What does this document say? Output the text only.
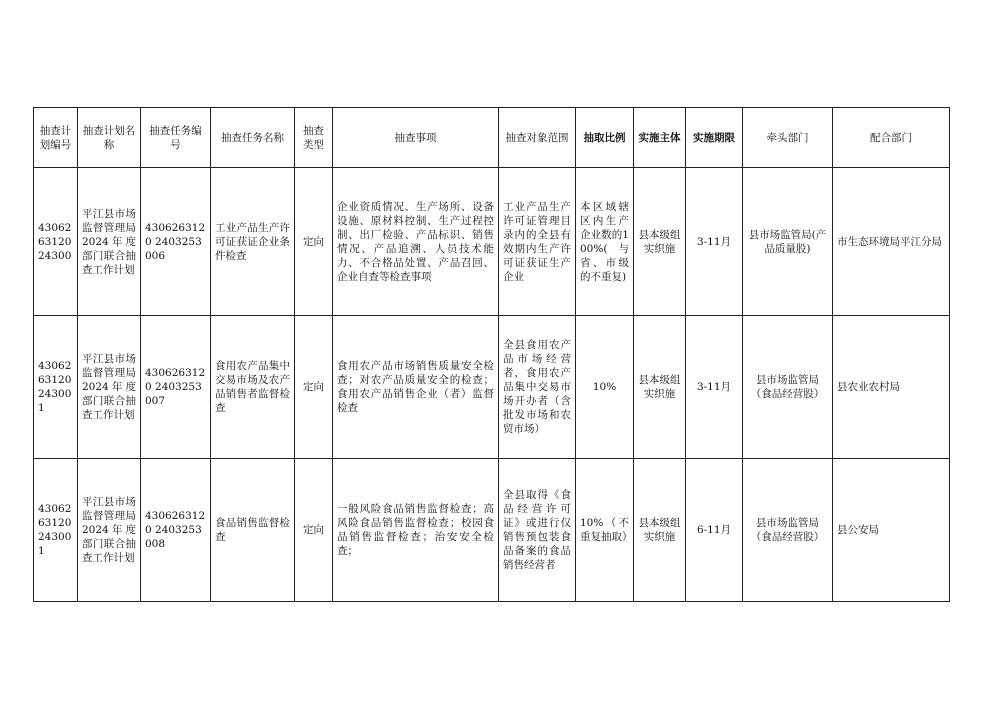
抽查计划编号	抽查计划名称	抽查任务编号	抽查任务名称	抽查类型	抽查事项	抽查对象范围	抽取比例	实施主体	实施期限	牵头部门	配合部门
4306263120 24300	平江县市场监督管理局2024年度部门联合抽查工作计划	4306263120 2403253006	工业产品生产许可证获证企业条件检查	定向	企业资质情况、生产场所、设备设施、原材料控制、生产过程控制、出厂检验、产品标识、销售情况、产品追溯、人员技术能力、不合格品处置、产品召回、企业自查等检查事项	工业产品生产许可证管理目录内的全县有效期内生产许可证获证生产企业	本区域辖区内生产企业数的100%(与省、市级的不重复)	县本级组实织施	3-11月	县市场监管局(产品质量股)	市生态环境局平江分局
4306263120 243001	平江县市场监督管理局2024年度部门联合抽查工作计划	4306263120 2403253007	食用农产品集中交易市场及农产品销售者监督检查	定向	食用农产品市场销售质量安全检查；对农产品质量安全的检查；食用农产品销售企业（者）监督检查	全县食用农产品市场经营者，食用农产品集中交易市场开办者（含批发市场和农贸市场）	10%	县本级组实织施	3-11月	县市场监管局（食品经营股）	县农业农村局
4306263120 243001	平江县市场监督管理局2024年度部门联合抽查工作计划	4306263120 2403253008	食品销售监督检查	定向	一般风险食品销售监督检查；高风险食品销售监督检查；校园食品销售监督检查；治安安全检查；	全县取得《食品经营许可证》或进行仅销售预包装食品备案的食品销售经营者	10%（不重复抽取）	县本级组实织施	6-11月	县市场监管局（食品经营股）	县公安局
